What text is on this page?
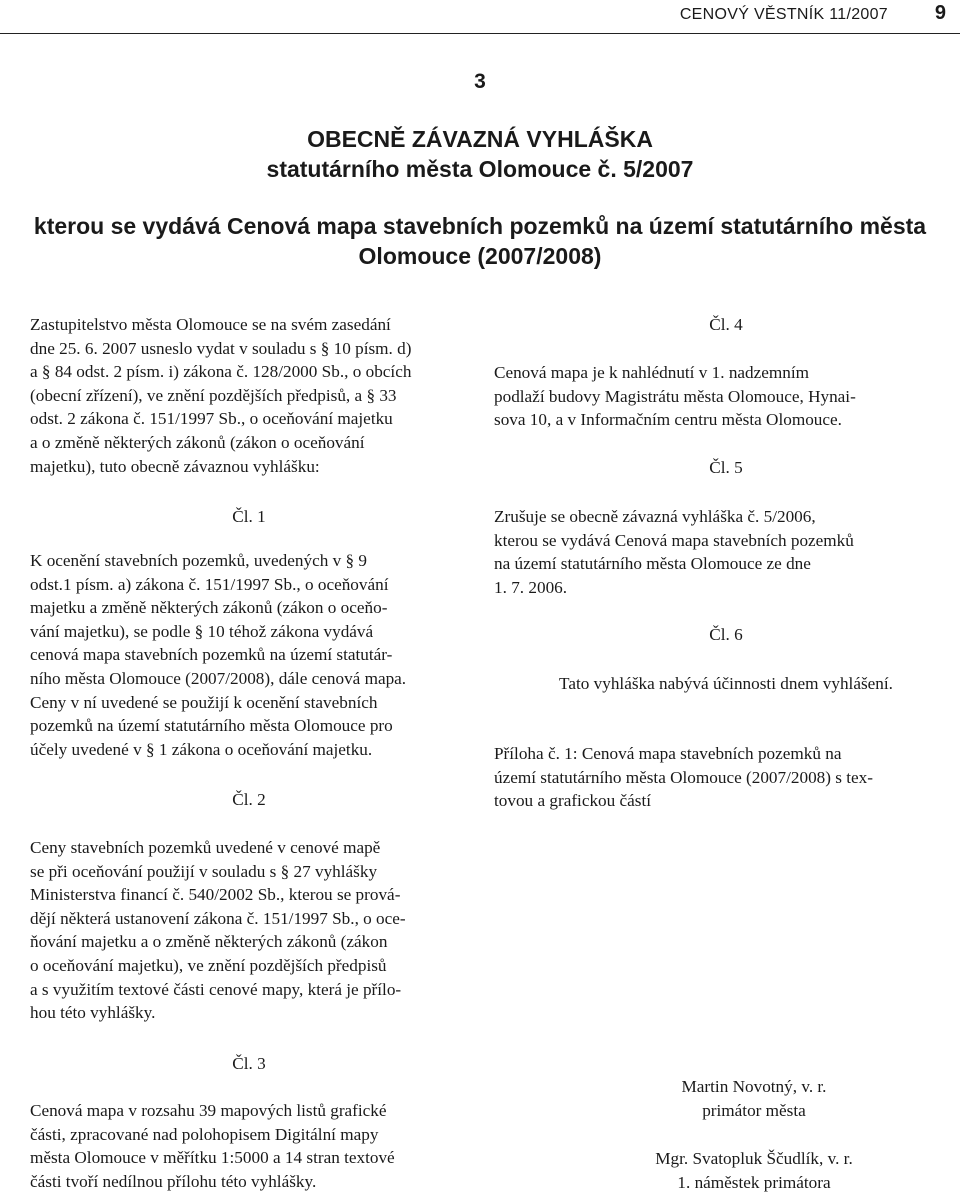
CENOVÝ VĚSTNÍK 11/2007 9
3
OBECNĚ ZÁVAZNÁ VYHLÁŠKA
statutárního města Olomouce č. 5/2007
kterou se vydává Cenová mapa stavebních pozemků na území statutárního města
Olomouce (2007/2008)
Zastupitelstvo města Olomouce se na svém zasedání
dne 25. 6. 2007 usneslo vydat v souladu s § 10 písm. d)
a § 84 odst. 2 písm. i) zákona č. 128/2000 Sb., o obcích
(obecní zřízení), ve znění pozdějších předpisů, a § 33
odst. 2 zákona č. 151/1997 Sb., o oceňování majetku
a o změně některých zákonů (zákon o oceňování
majetku), tuto obecně závaznou vyhlášku:
Čl. 1
K ocenění stavebních pozemků, uvedených v § 9
odst.1 písm. a) zákona č. 151/1997 Sb., o oceňování
majetku a změně některých zákonů (zákon o oceňo-
vání majetku), se podle § 10 téhož zákona vydává
cenová mapa stavebních pozemků na území statutár-
ního města Olomouce (2007/2008), dále cenová mapa.
Ceny v ní uvedené se použijí k ocenění stavebních
pozemků na území statutárního města Olomouce pro
účely uvedené v § 1 zákona o oceňování majetku.
Čl. 2
Ceny stavebních pozemků uvedené v cenové mapě
se při oceňování použijí v souladu s § 27 vyhlášky
Ministerstva financí č. 540/2002 Sb., kterou se prová-
dějí některá ustanovení zákona č. 151/1997 Sb., o oce-
ňování majetku a o změně některých zákonů (zákon
o oceňování majetku), ve znění pozdějších předpisů
a s využitím textové části cenové mapy, která je přílo-
hou této vyhlášky.
Čl. 3
Cenová mapa v rozsahu 39 mapových listů grafické
části, zpracované nad polohopisem Digitální mapy
města Olomouce v měřítku 1:5000 a 14 stran textové
části tvoří nedílnou přílohu této vyhlášky.
Čl. 4
Cenová mapa je k nahlédnutí v 1. nadzemním
podlaží budovy Magistrátu města Olomouce, Hynai-
sova 10, a v Informačním centru města Olomouce.
Čl. 5
Zrušuje se obecně závazná vyhláška č. 5/2006,
kterou se vydává Cenová mapa stavebních pozemků
na území statutárního města Olomouce ze dne
1. 7. 2006.
Čl. 6
Tato vyhláška nabývá účinnosti dnem vyhlášení.
Příloha č. 1: Cenová mapa stavebních pozemků na
území statutárního města Olomouce (2007/2008) s tex-
tovou a grafickou částí
Martin Novotný, v. r.
primátor města
Mgr. Svatopluk Ščudlík, v. r.
1. náměstek primátora
